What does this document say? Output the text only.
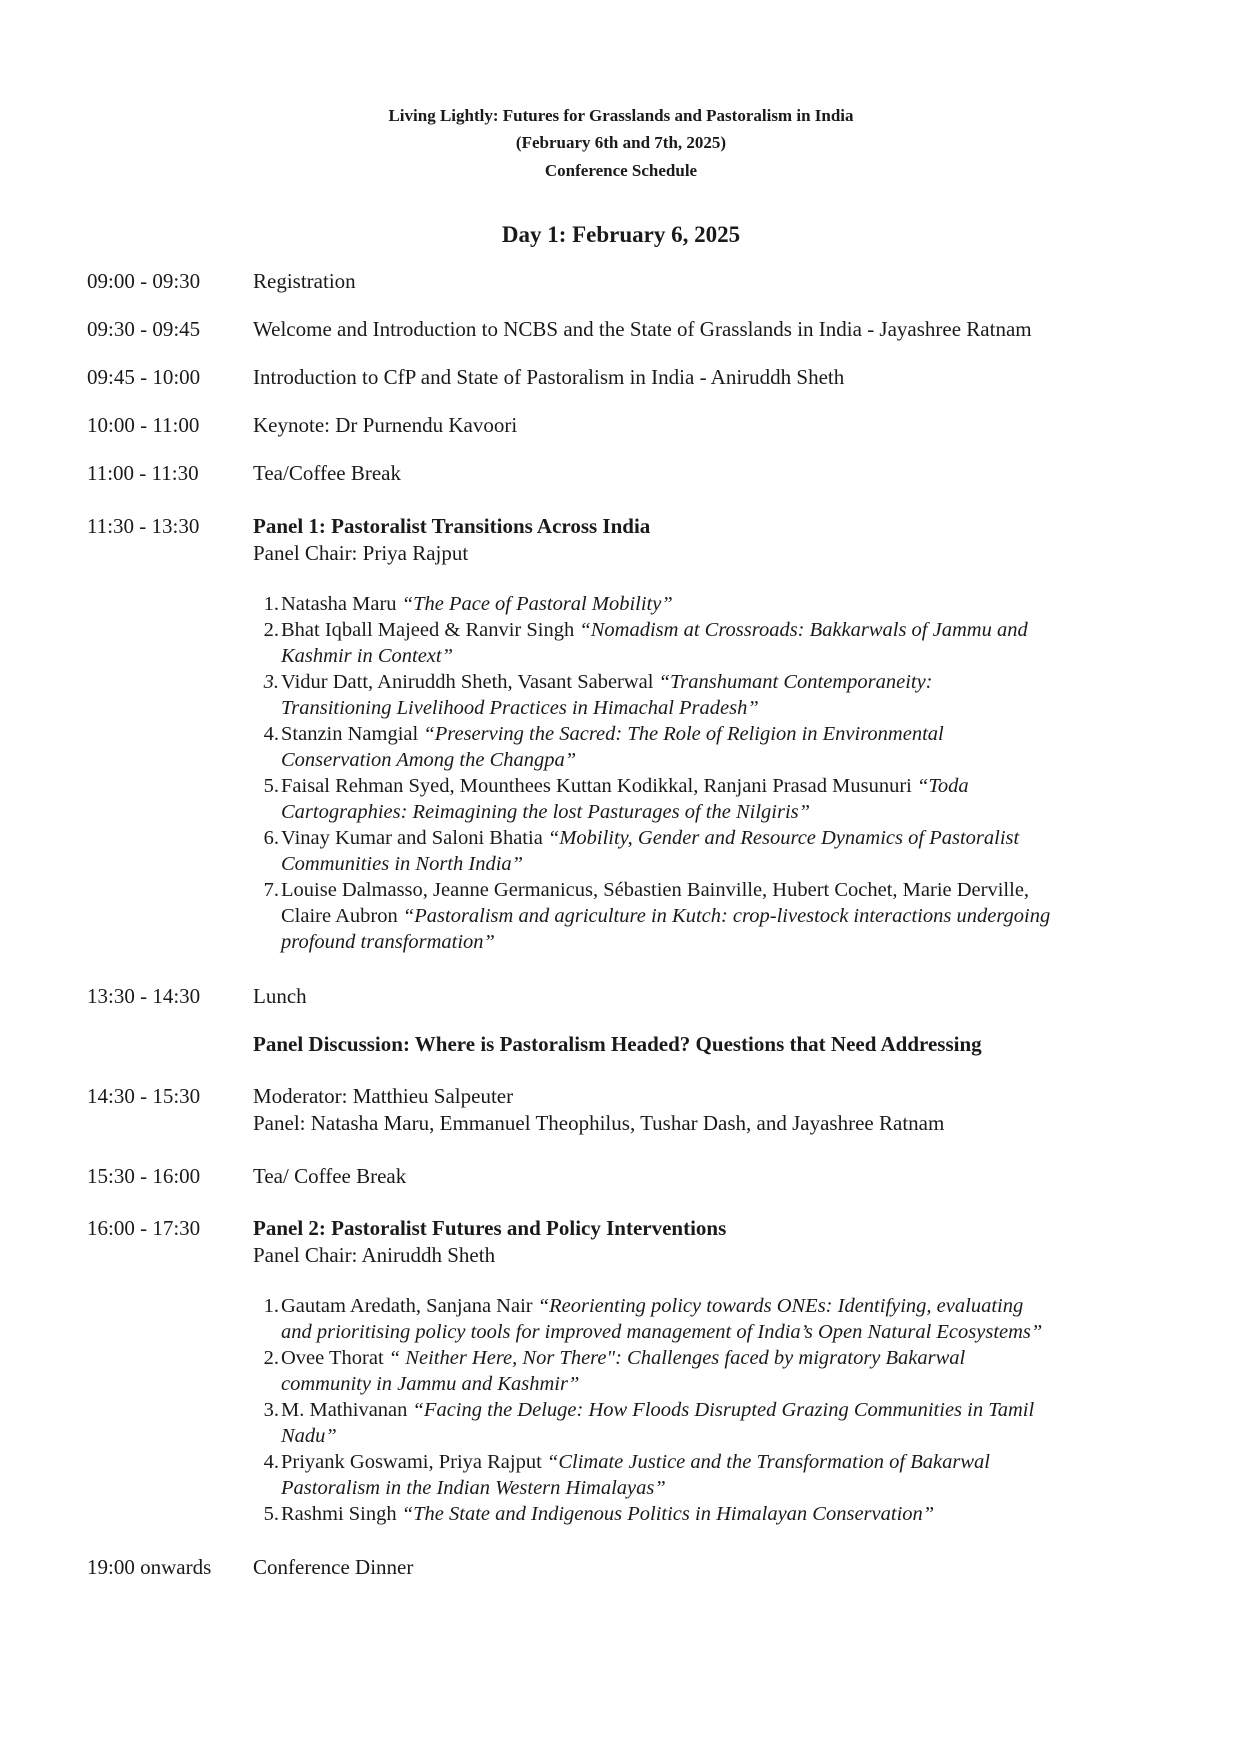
Living Lightly: Futures for Grasslands and Pastoralism in India
(February 6th and 7th, 2025)
Conference Schedule
Day 1: February 6, 2025
09:00 - 09:30	Registration
09:30 - 09:45	Welcome and Introduction to NCBS and the State of Grasslands in India - Jayashree Ratnam
09:45 - 10:00	Introduction to CfP and State of Pastoralism in India - Aniruddh Sheth
10:00 - 11:00	Keynote: Dr Purnendu Kavoori
11:00 - 11:30	Tea/Coffee Break
11:30 - 13:30	Panel 1: Pastoralist Transitions Across India
Panel Chair: Priya Rajput
1. Natasha Maru “The Pace of Pastoral Mobility”
2. Bhat Iqball Majeed & Ranvir Singh “Nomadism at Crossroads: Bakkarwals of Jammu and
Kashmir in Context”
3. Vidur Datt, Aniruddh Sheth, Vasant Saberwal “Transhumant Contemporaneity:
Transitioning Livelihood Practices in Himachal Pradesh”
4. Stanzin Namgial “Preserving the Sacred: The Role of Religion in Environmental
Conservation Among the Changpa”
5. Faisal Rehman Syed, Mounthees Kuttan Kodikkal, Ranjani Prasad Musunuri “Toda
Cartographies: Reimagining the lost Pasturages of the Nilgiris”
6. Vinay Kumar and Saloni Bhatia “Mobility, Gender and Resource Dynamics of Pastoralist
Communities in North India”
7. Louise Dalmasso, Jeanne Germanicus, Sébastien Bainville, Hubert Cochet, Marie Derville,
Claire Aubron “Pastoralism and agriculture in Kutch: crop-livestock interactions undergoing
profound transformation”
13:30 - 14:30	Lunch
Panel Discussion: Where is Pastoralism Headed? Questions that Need Addressing
14:30 - 15:30	Moderator: Matthieu Salpeuter
Panel: Natasha Maru, Emmanuel Theophilus, Tushar Dash, and Jayashree Ratnam
15:30 - 16:00	Tea/ Coffee Break
16:00 - 17:30	Panel 2: Pastoralist Futures and Policy Interventions
Panel Chair: Aniruddh Sheth
1. Gautam Aredath, Sanjana Nair “Reorienting policy towards ONEs: Identifying, evaluating
and prioritising policy tools for improved management of India’s Open Natural Ecosystems”
2. Ovee Thorat “ Neither Here, Nor There": Challenges faced by migratory Bakarwal
community in Jammu and Kashmir”
3. M. Mathivanan “Facing the Deluge: How Floods Disrupted Grazing Communities in Tamil
Nadu”
4. Priyank Goswami, Priya Rajput “Climate Justice and the Transformation of Bakarwal
Pastoralism in the Indian Western Himalayas”
5. Rashmi Singh “The State and Indigenous Politics in Himalayan Conservation”
19:00 onwards	Conference Dinner
